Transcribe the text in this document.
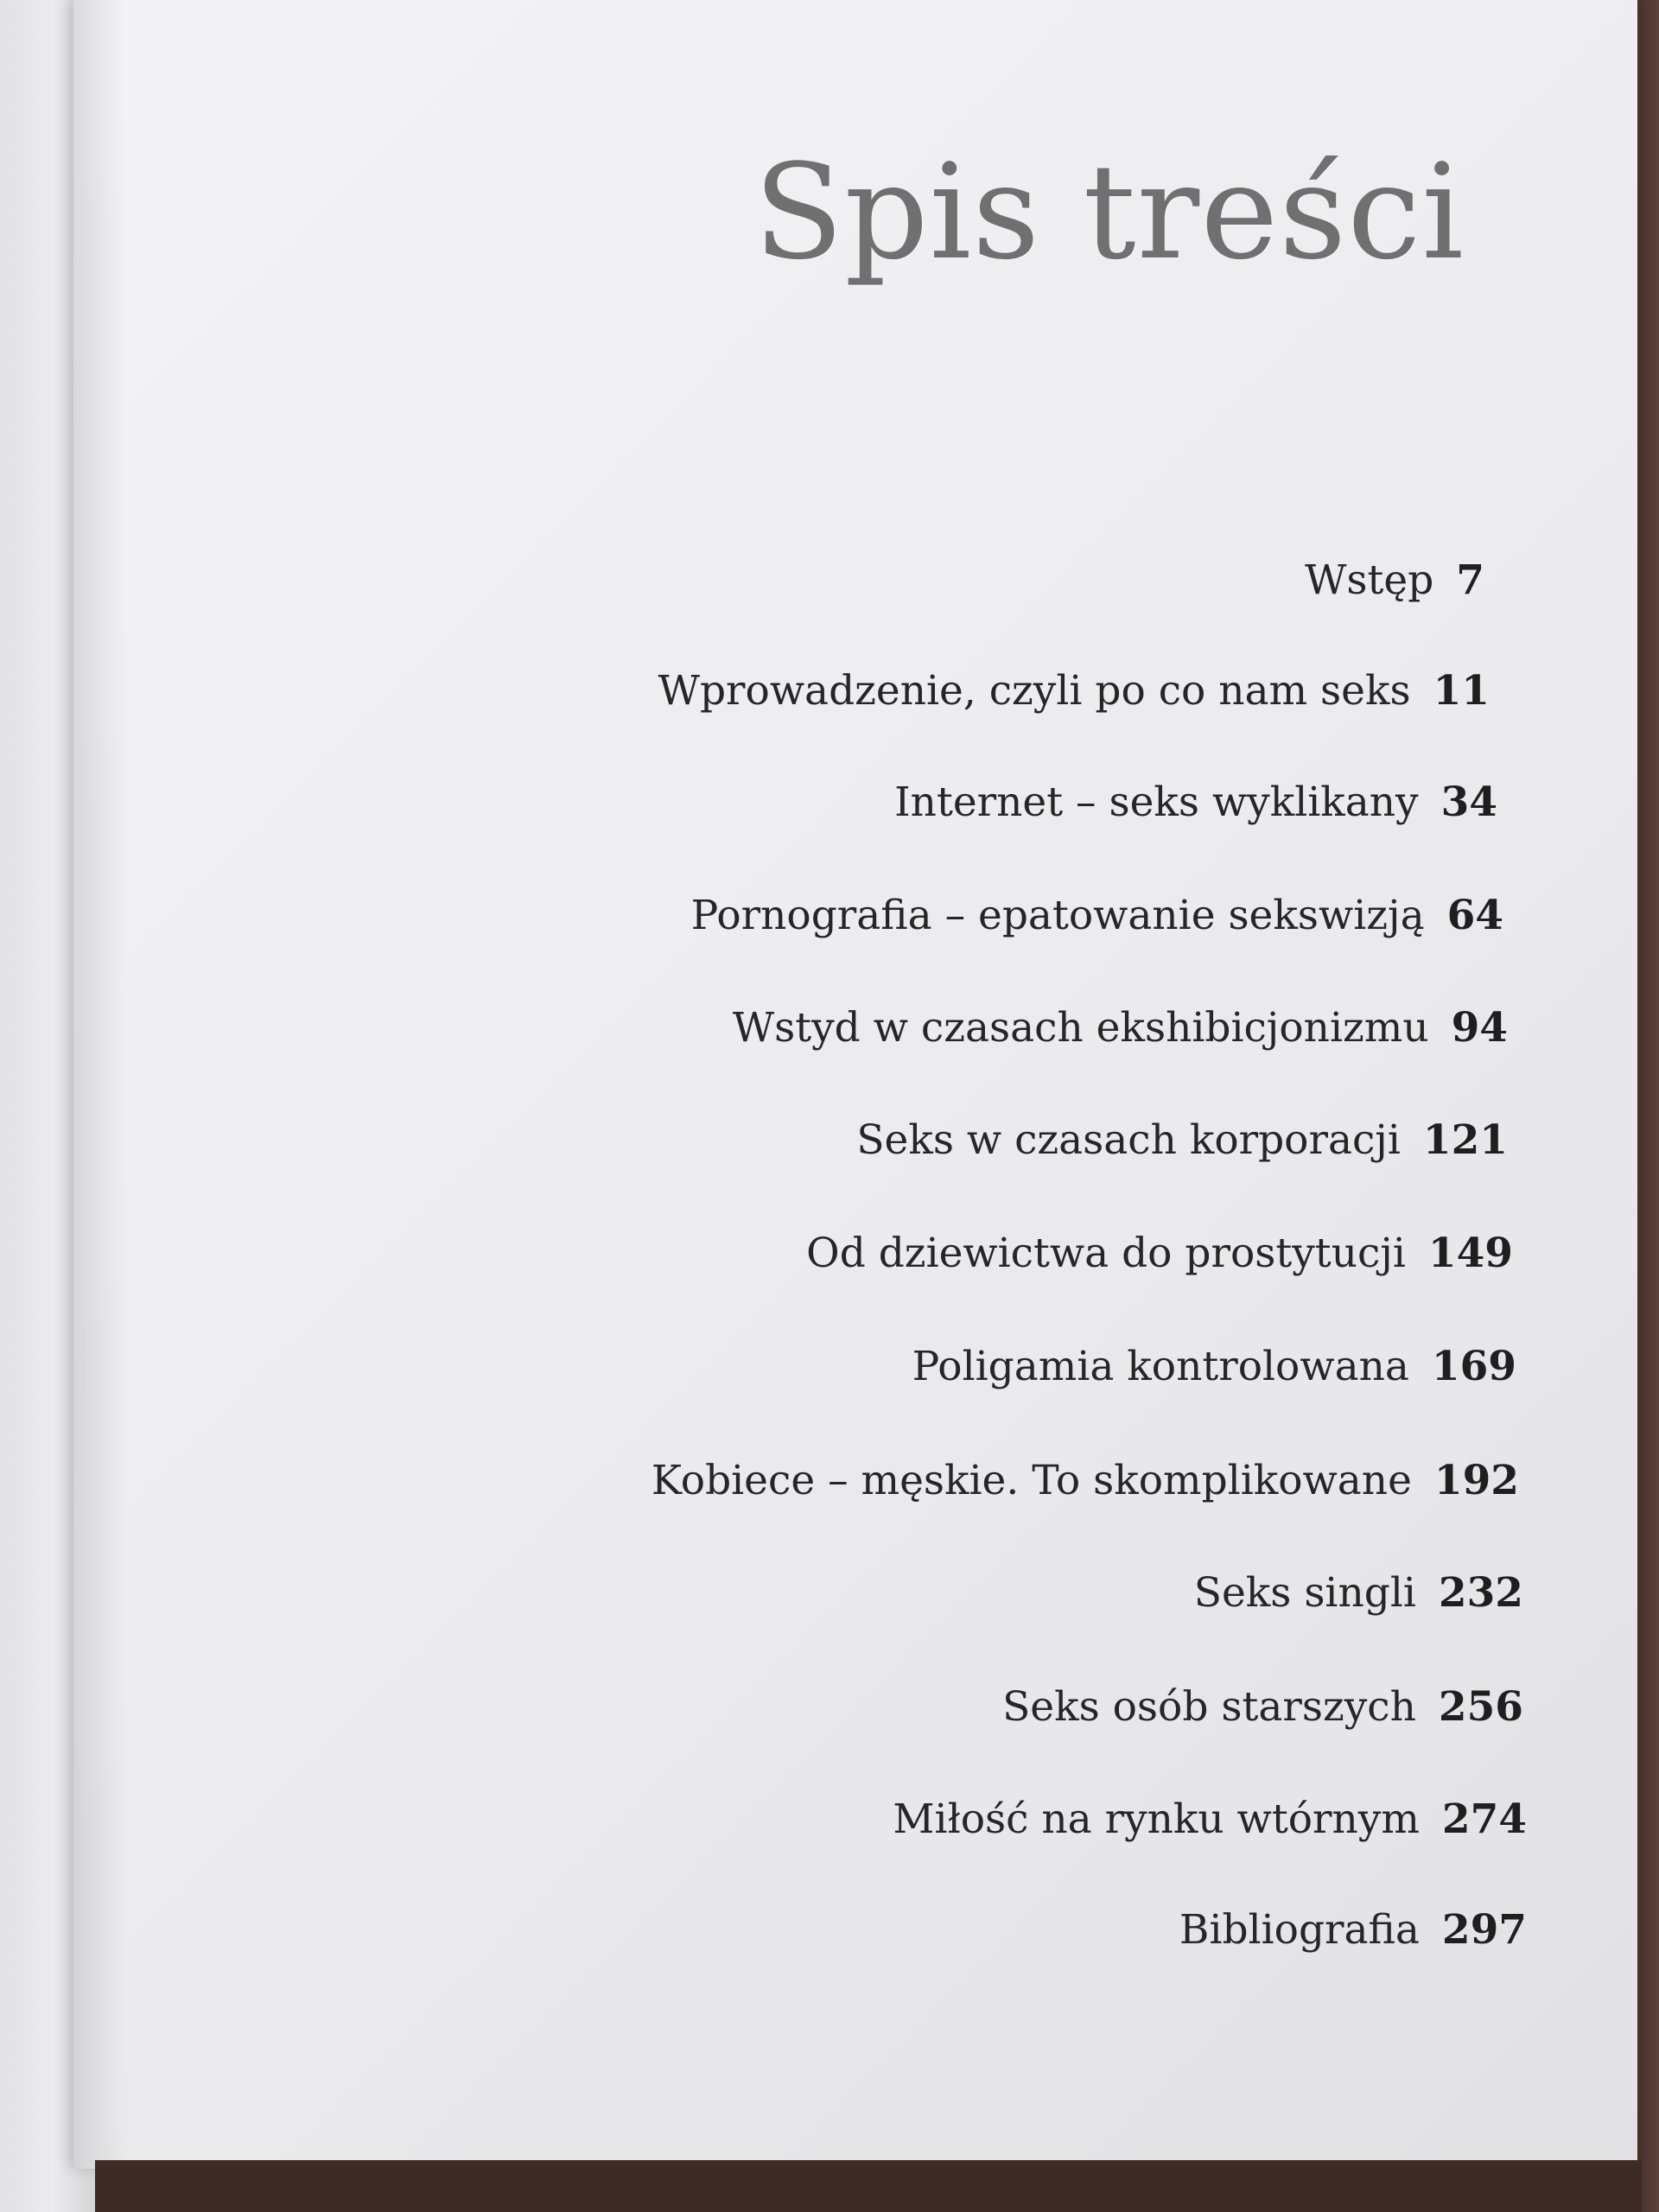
Spis treści
Wstęp 7
Wprowadzenie, czyli po co nam seks 11
Internet – seks wyklikany 34
Pornografia – epatowanie sekswizją 64
Wstyd w czasach ekshibicjonizmu 94
Seks w czasach korporacji 121
Od dziewictwa do prostytucji 149
Poligamia kontrolowana 169
Kobiece – męskie. To skomplikowane 192
Seks singli 232
Seks osób starszych 256
Miłość na rynku wtórnym 274
Bibliografia 297
